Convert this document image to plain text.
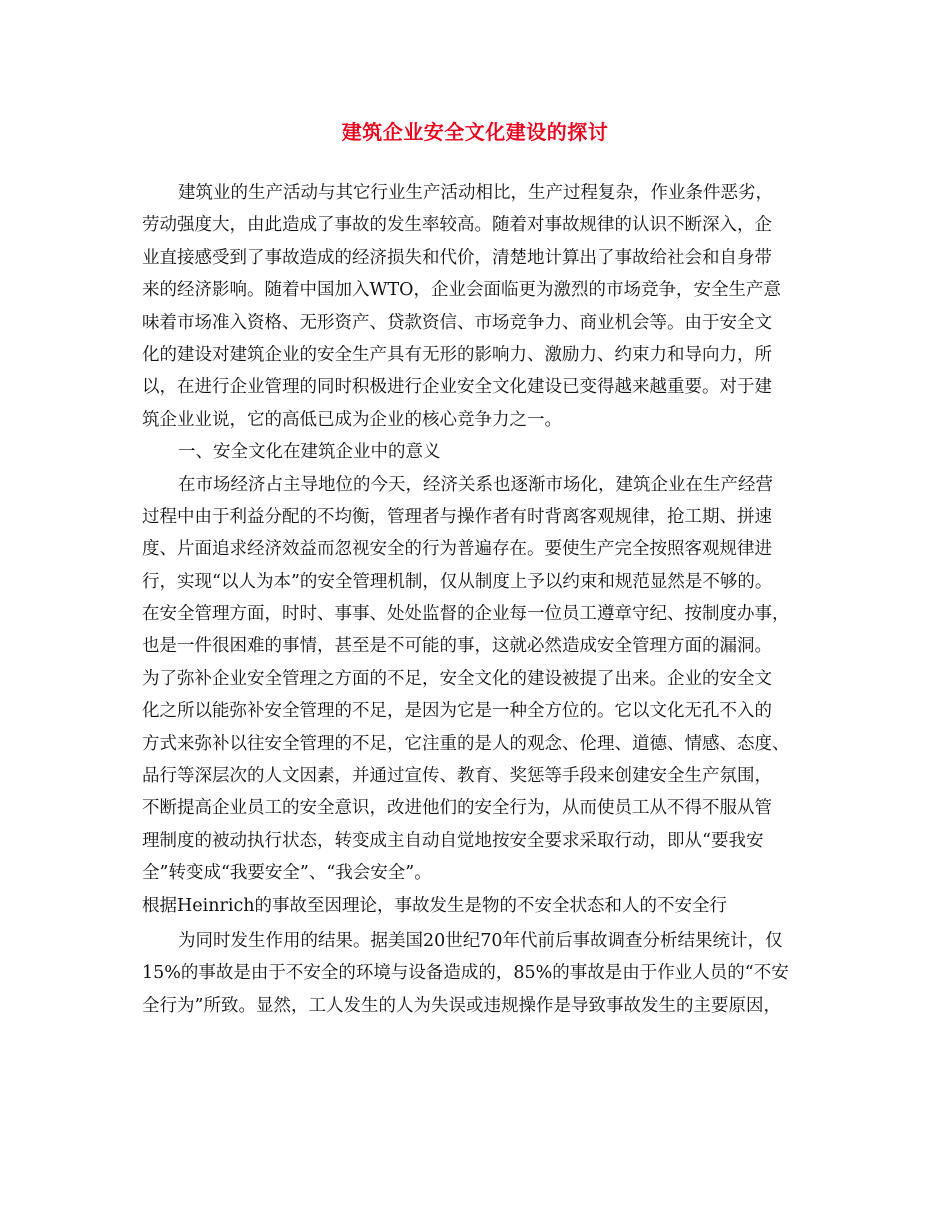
建筑企业安全文化建设的探讨
建筑业的生产活动与其它行业生产活动相比，生产过程复杂，作业条件恶劣，
劳动强度大，由此造成了事故的发生率较高。随着对事故规律的认识不断深入，企
业直接感受到了事故造成的经济损失和代价，清楚地计算出了事故给社会和自身带
来的经济影响。随着中国加入WTO，企业会面临更为激烈的市场竞争，安全生产意
味着市场准入资格、无形资产、贷款资信、市场竞争力、商业机会等。由于安全文
化的建设对建筑企业的安全生产具有无形的影响力、激励力、约束力和导向力，所
以，在进行企业管理的同时积极进行企业安全文化建设已变得越来越重要。对于建
筑企业业说，它的高低已成为企业的核心竞争力之一。
一、安全文化在建筑企业中的意义
在市场经济占主导地位的今天，经济关系也逐渐市场化，建筑企业在生产经营
过程中由于利益分配的不均衡，管理者与操作者有时背离客观规律，抢工期、拼速
度、片面追求经济效益而忽视安全的行为普遍存在。要使生产完全按照客观规律进
行，实现“以人为本”的安全管理机制，仅从制度上予以约束和规范显然是不够的。
在安全管理方面，时时、事事、处处监督的企业每一位员工遵章守纪、按制度办事，
也是一件很困难的事情，甚至是不可能的事，这就必然造成安全管理方面的漏洞。
为了弥补企业安全管理之方面的不足，安全文化的建设被提了出来。企业的安全文
化之所以能弥补安全管理的不足，是因为它是一种全方位的。它以文化无孔不入的
方式来弥补以往安全管理的不足，它注重的是人的观念、伦理、道德、情感、态度、
品行等深层次的人文因素，并通过宣传、教育、奖惩等手段来创建安全生产氛围，
不断提高企业员工的安全意识，改进他们的安全行为，从而使员工从不得不服从管
理制度的被动执行状态，转变成主自动自觉地按安全要求采取行动，即从“要我安
全”转变成“我要安全”、“我会安全”。
根据Heinrich的事故至因理论，事故发生是物的不安全状态和人的不安全行
为同时发生作用的结果。据美国20世纪70年代前后事故调查分析结果统计，仅
15%的事故是由于不安全的环境与设备造成的，85%的事故是由于作业人员的“不安
全行为”所致。显然，工人发生的人为失误或违规操作是导致事故发生的主要原因，
